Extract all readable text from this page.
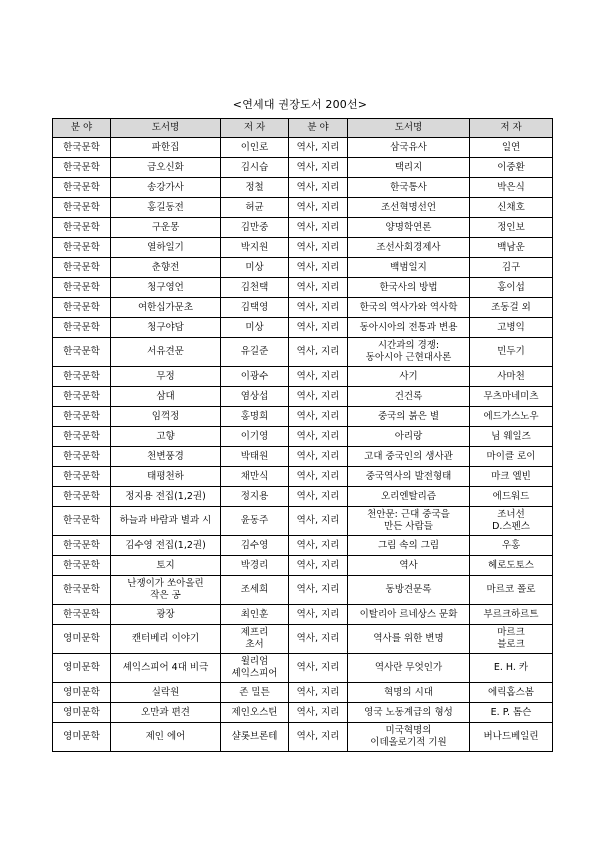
<연세대 권장도서 200선>
분 야	도서명	저 자	분 야	도서명	저 자
한국문학	파한집	이인로	역사, 지리	삼국유사	일연
한국문학	금오신화	김시습	역사, 지리	택리지	이중환
한국문학	송강가사	정철	역사, 지리	한국통사	박은식
한국문학	홍길동전	허균	역사, 지리	조선혁명선언	신채호
한국문학	구운몽	김만중	역사, 지리	양명학연론	정인보
한국문학	열하일기	박지원	역사, 지리	조선사회경제사	백남운
한국문학	춘향전	미상	역사, 지리	백범일지	김구
한국문학	청구영언	김천택	역사, 지리	한국사의 방법	홍이섭
한국문학	여한십가문초	김택영	역사, 지리	한국의 역사가와 역사학	조동걸 외
한국문학	청구야담	미상	역사, 지리	동아시아의 전통과 변용	고병익
한국문학	서유견문	유길준	역사, 지리	시간과의 경쟁:
동아시아 근현대사론	민두기
한국문학	무정	이광수	역사, 지리	사기	사마천
한국문학	삼대	염상섭	역사, 지리	건건록	무츠마네미츠
한국문학	임꺽정	홍명희	역사, 지리	중국의 붉은 별	에드가스노우
한국문학	고향	이기영	역사, 지리	아리랑	님 웨일즈
한국문학	천변풍경	박태원	역사, 지리	고대 중국인의 생사관	마이클 로이
한국문학	태평천하	채만식	역사, 지리	중국역사의 발전형태	마크 엘빈
한국문학	정지용 전집(1,2권)	정지용	역사, 지리	오리엔탈리즘	에드워드
한국문학	하늘과 바람과 별과 시	윤동주	역사, 지리	천안문: 근대 중국을
만든 사람들	조너선
D.스펜스
한국문학	김수영 전집(1,2권)	김수영	역사, 지리	그림 속의 그림	우홍
한국문학	토지	박경리	역사, 지리	역사	헤로도토스
한국문학	난쟁이가 쏘아올린
작은 공	조세희	역사, 지리	동방견문록	마르코 폴로
한국문학	광장	최인훈	역사, 지리	이탈리아 르네상스 문화	부르크하르트
영미문학	캔터베리 이야기	제프리
초서	역사, 지리	역사를 위한 변명	마르크
블로크
영미문학	셰익스피어 4대 비극	윌리엄
셰익스피어	역사, 지리	역사란 무엇인가	E. H. 카
영미문학	실락원	존 밀튼	역사, 지리	혁명의 시대	에릭홉스봄
영미문학	오만과 편견	제인오스틴	역사, 지리	영국 노동계급의 형성	E. P. 톰슨
영미문학	제인 에어	샬롯브론테	역사, 지리	미국혁명의
이데올로기적 기원	버나드베일린
